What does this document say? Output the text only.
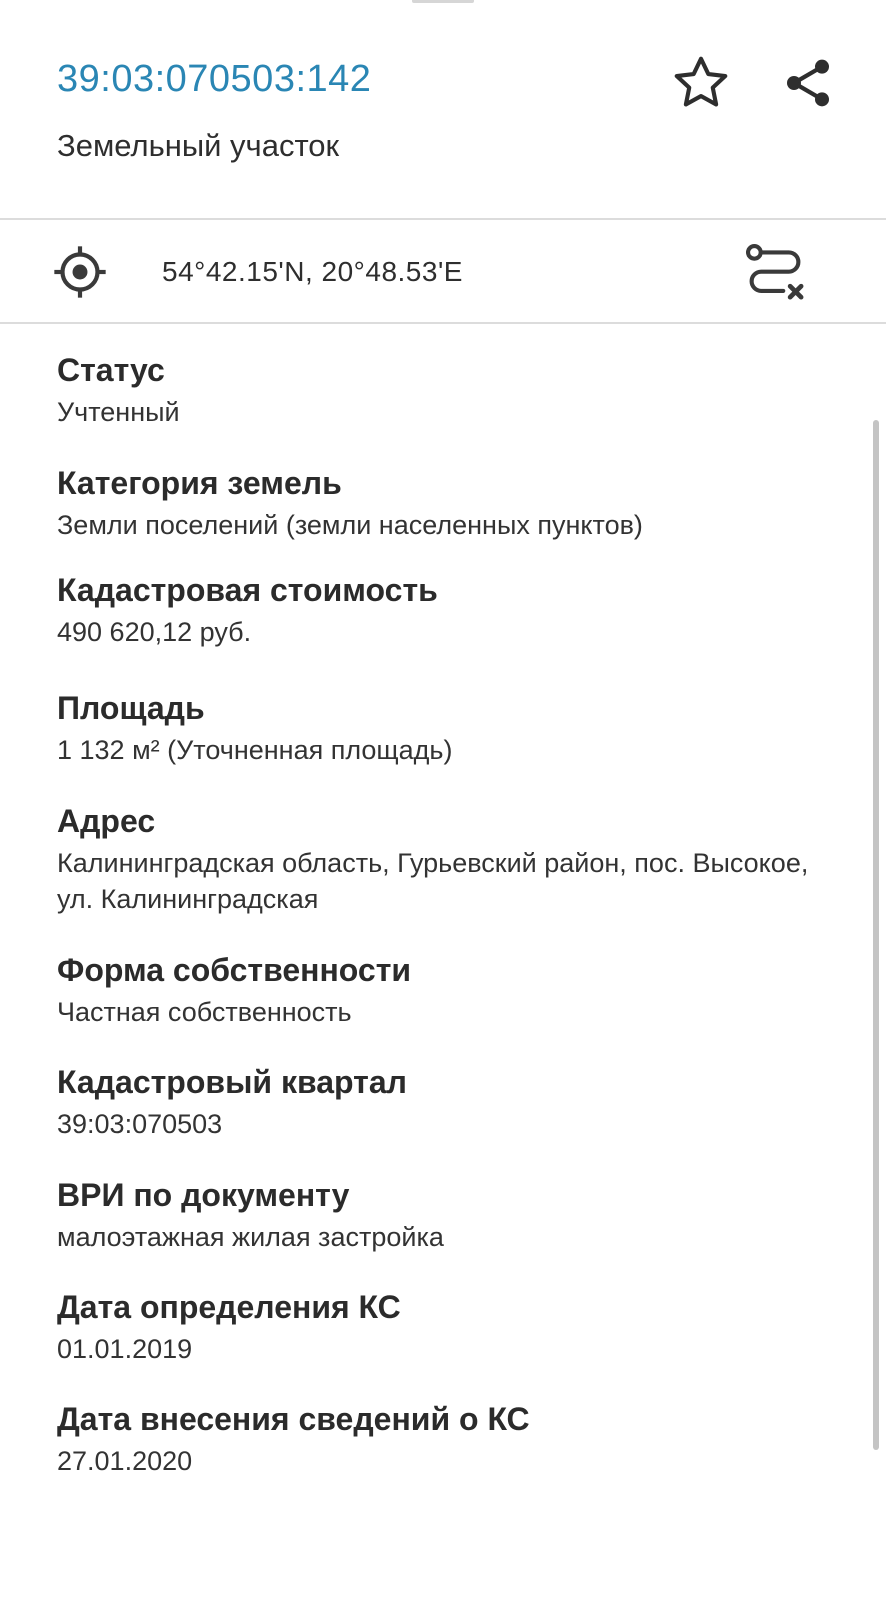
39:03:070503:142
Земельный участок
54°42.15'N, 20°48.53'E
Статус
Учтенный
Категория земель
Земли поселений (земли населенных пунктов)
Кадастровая стоимость
490 620,12 руб.
Площадь
1 132 м² (Уточненная площадь)
Адрес
Калининградская область, Гурьевский район, пос. Высокое, ул. Калининградская
Форма собственности
Частная собственность
Кадастровый квартал
39:03:070503
ВРИ по документу
малоэтажная жилая застройка
Дата определения КС
01.01.2019
Дата внесения сведений о КС
27.01.2020
